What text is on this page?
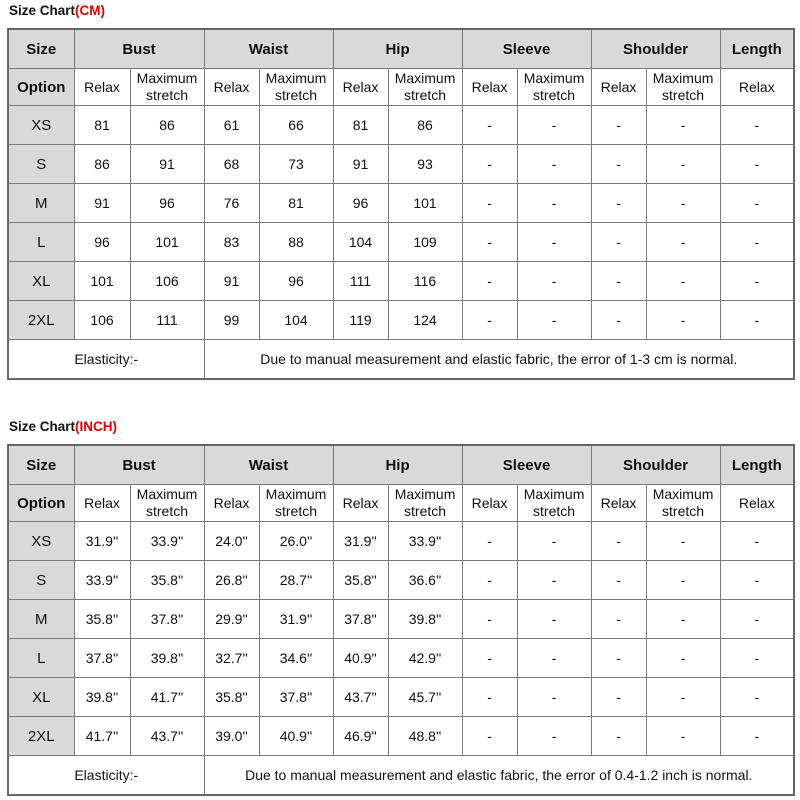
Size Chart(CM)
Size	Bust		Waist		Hip		Sleeve		Shoulder		Length
Option	Relax	Maximum stretch	Relax	Maximum stretch	Relax	Maximum stretch	Relax	Maximum stretch	Relax	Maximum stretch	Relax
XS	81	86	61	66	81	86	-	-	-	-	-
S	86	91	68	73	91	93	-	-	-	-	-
M	91	96	76	81	96	101	-	-	-	-	-
L	96	101	83	88	104	109	-	-	-	-	-
XL	101	106	91	96	111	116	-	-	-	-	-
2XL	106	111	99	104	119	124	-	-	-	-	-
Elasticity:-			Due to manual measurement and elastic fabric, the error of 1-3 cm is normal.								
Size Chart(INCH)
Size	Bust		Waist		Hip		Sleeve		Shoulder		Length
Option	Relax	Maximum stretch	Relax	Maximum stretch	Relax	Maximum stretch	Relax	Maximum stretch	Relax	Maximum stretch	Relax
XS	31.9''	33.9''	24.0''	26.0''	31.9''	33.9''	-	-	-	-	-
S	33.9''	35.8''	26.8''	28.7''	35.8''	36.6''	-	-	-	-	-
M	35.8''	37.8''	29.9''	31.9''	37.8''	39.8''	-	-	-	-	-
L	37.8''	39.8''	32.7''	34.6''	40.9''	42.9''	-	-	-	-	-
XL	39.8''	41.7''	35.8''	37.8''	43.7''	45.7''	-	-	-	-	-
2XL	41.7''	43.7''	39.0''	40.9''	46.9''	48.8''	-	-	-	-	-
Elasticity:-			Due to manual measurement and elastic fabric, the error of 0.4-1.2 inch is normal.								
